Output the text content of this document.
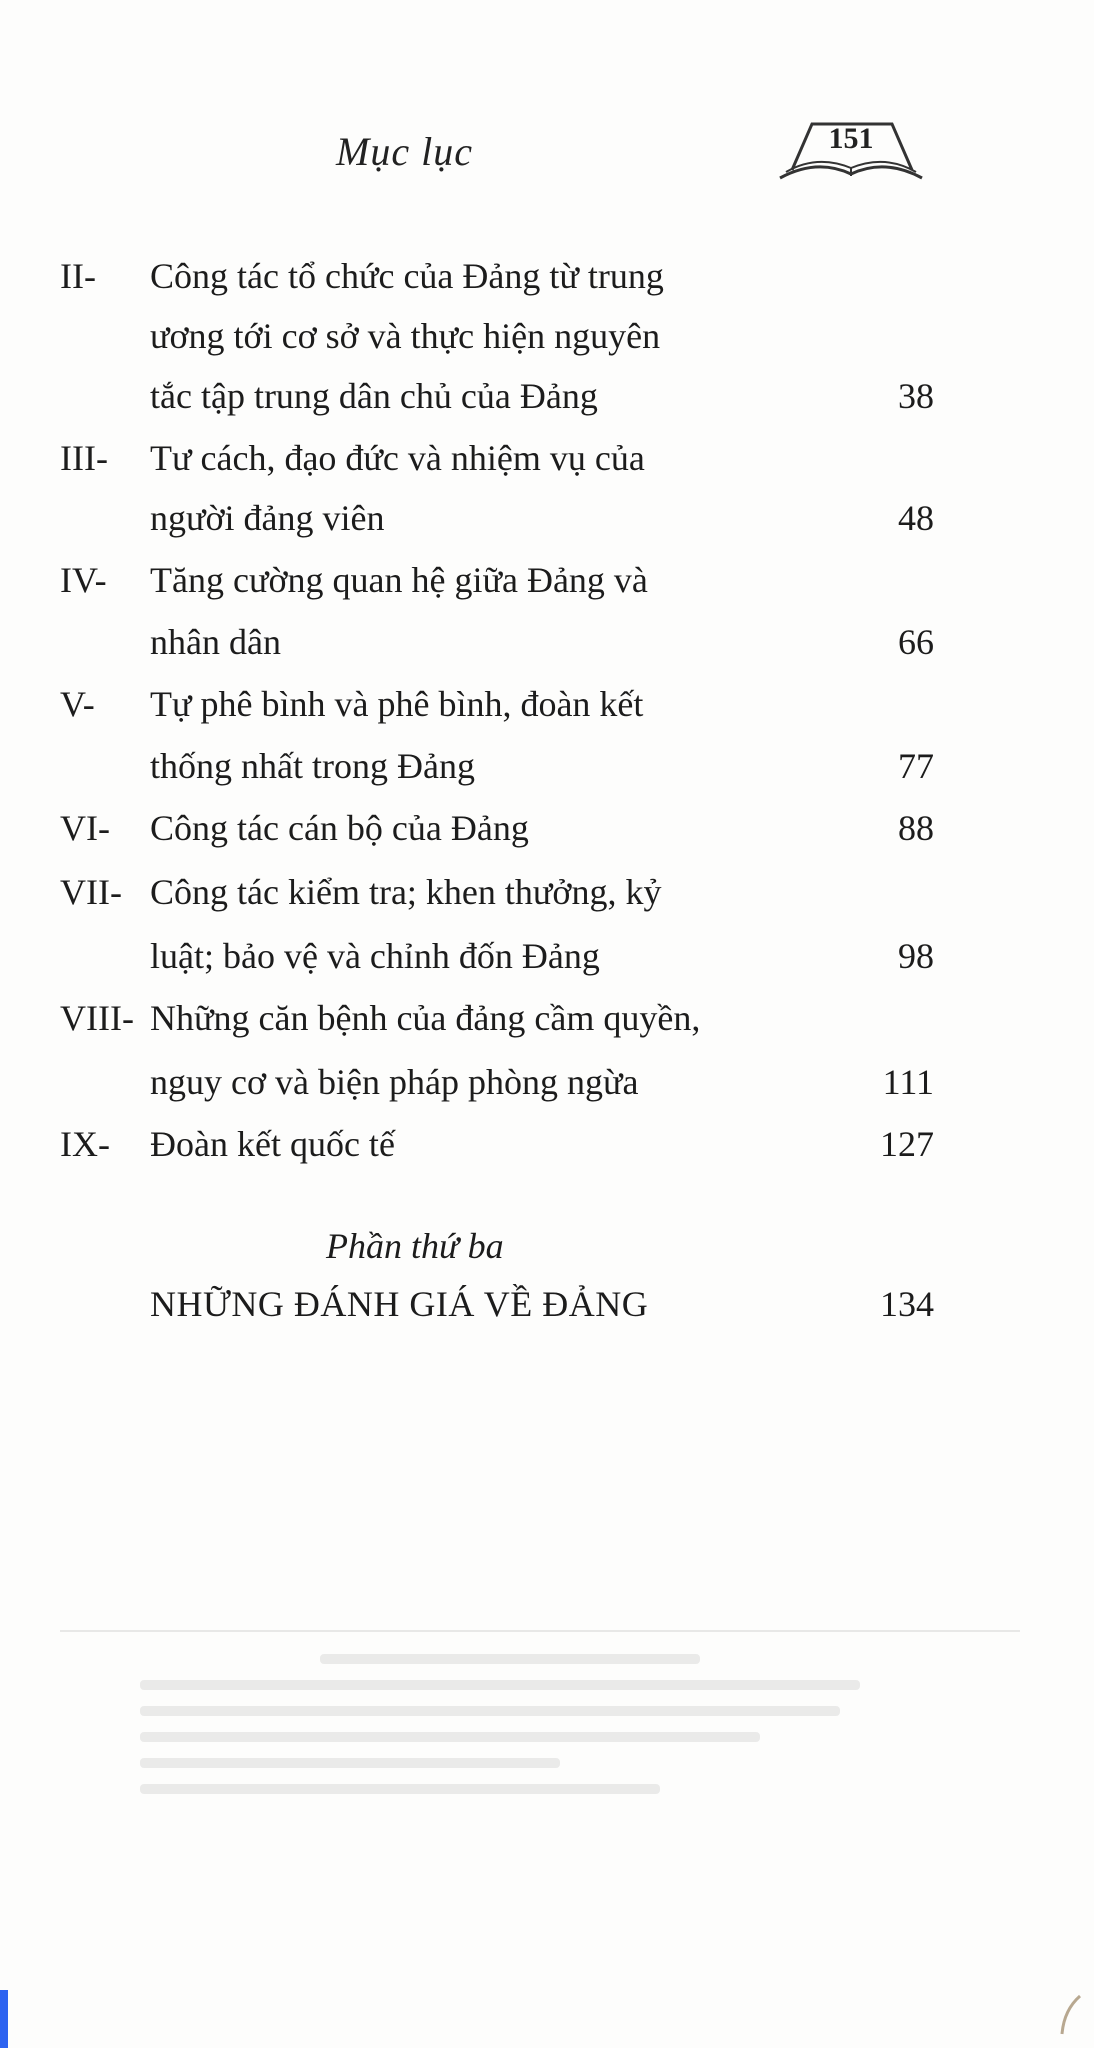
Mục lục	151
II- Công tác tổ chức của Đảng từ trung
ương tới cơ sở và thực hiện nguyên
tắc tập trung dân chủ của Đảng	38
III- Tư cách, đạo đức và nhiệm vụ của
người đảng viên	48
IV- Tăng cường quan hệ giữa Đảng và
nhân dân	66
V- Tự phê bình và phê bình, đoàn kết
thống nhất trong Đảng	77
VI- Công tác cán bộ của Đảng	88
VII- Công tác kiểm tra; khen thưởng, kỷ
luật; bảo vệ và chỉnh đốn Đảng	98
VIII- Những căn bệnh của đảng cầm quyền,
nguy cơ và biện pháp phòng ngừa	111
IX- Đoàn kết quốc tế	127
Phần thứ ba
NHỮNG ĐÁNH GIÁ VỀ ĐẢNG	134
